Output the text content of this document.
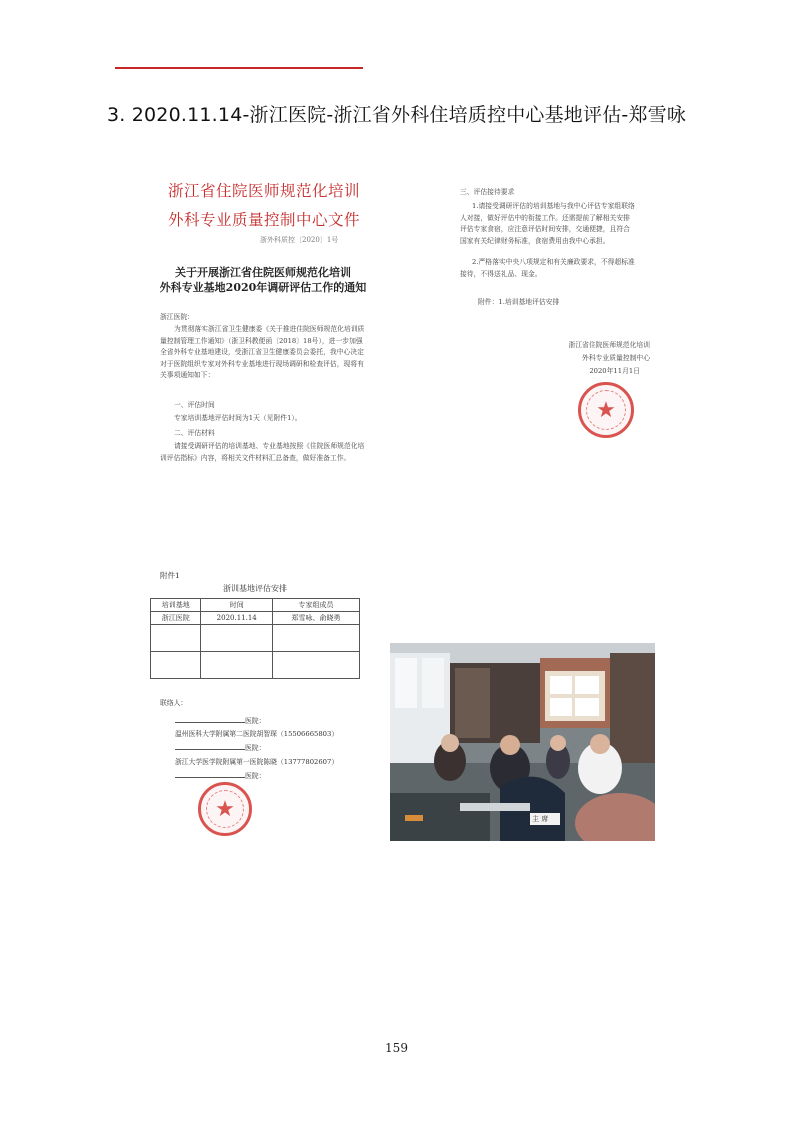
3. 2020.11.14-浙江医院-浙江省外科住培质控中心基地评估-郑雪咏
浙江省住院医师规范化培训
外科专业质量控制中心文件
浙外科质控〔2020〕1号
关于开展浙江省住院医师规范化培训
外科专业基地2020年调研评估工作的通知
浙江医院：
为贯彻落实浙江省卫生健康委《关于推进住院医师规范化培训质量控制管理工作通知》（浙卫科教便函〔2018〕18号），进一步加强全省外科专业基地建设，受浙江省卫生健康委员会委托，我中心决定对于医院组织专家对外科专业基地进行现场调研和检查评估，现将有关事项通知如下：
一、评估时间
专家培训基地评估时间为1天（见附件1）。
二、评估材料
请接受调研评估的培训基地、专业基地按照《住院医师规范化培训评估指标》内容，将相关文件材料汇总备查，做好准备工作。
三、评估接待要求
1.请接受调研评估的培训基地与我中心评估专家组联络人对接，做好评估中的衔接工作。还需提前了解相关安排评估专家食宿，应注意评估时间安排，交通便捷，且符合国家有关纪律财务标准，食宿费用由我中心承担。
2.严格落实中央八项规定和有关廉政要求，不得超标准接待，不得送礼品、现金。
附件：1.培训基地评估安排
浙江省住院医师规范化培训
外科专业质量控制中心
2020年11月1日
★
附件1
浙训基地评估安排
培训基地	时间	专家组成员
浙江医院	2020.11.14	郑雪咏、俞晓勇

联络人：
医院：
温州医科大学附属第二医院胡智琛（15506665803）
医院：
浙江大学医学院附属第一医院陈晓（13777802607）
医院：
★	主 席
159
